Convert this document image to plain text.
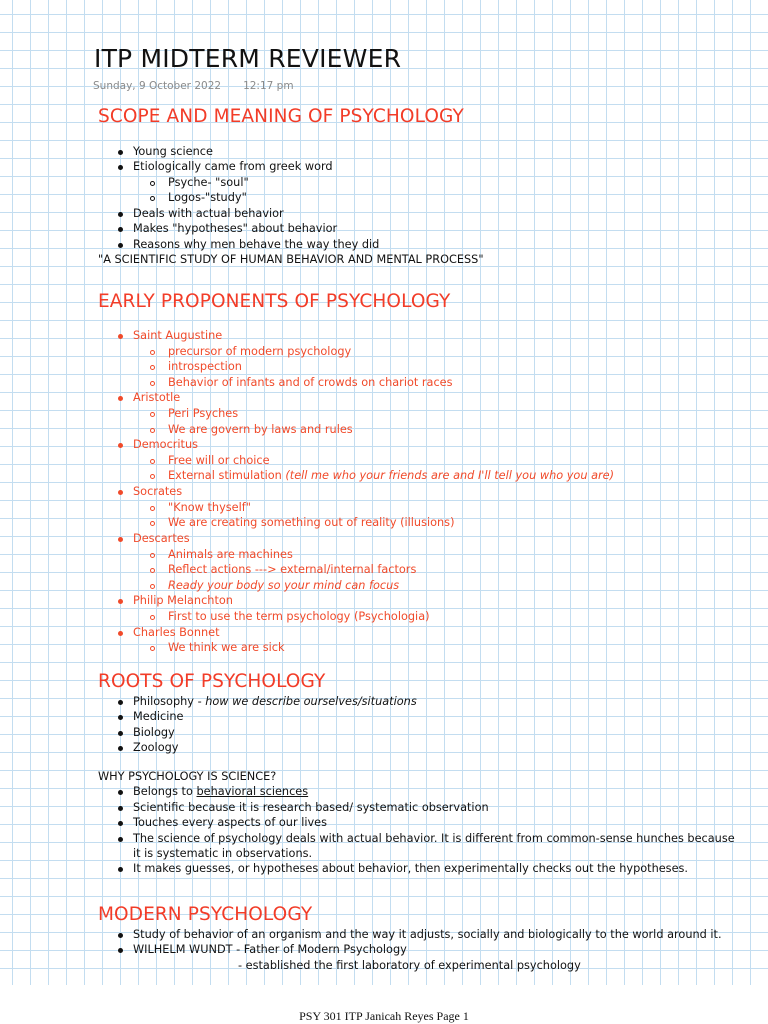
ITP MIDTERM REVIEWER
Sunday, 9 October 2022 12:17 pm
SCOPE AND MEANING OF PSYCHOLOGY
Young science
Etiologically came from greek word
Psyche- "soul"
Logos-"study"
Deals with actual behavior
Makes "hypotheses" about behavior
Reasons why men behave the way they did
"A SCIENTIFIC STUDY OF HUMAN BEHAVIOR AND MENTAL PROCESS"
EARLY PROPONENTS OF PSYCHOLOGY
Saint Augustine
precursor of modern psychology
introspection
Behavior of infants and of crowds on chariot races
Aristotle
Peri Psyches
We are govern by laws and rules
Democritus
Free will or choice
External stimulation (tell me who your friends are and I'll tell you who you are)
Socrates
"Know thyself"
We are creating something out of reality (illusions)
Descartes
Animals are machines
Reflect actions ---> external/internal factors
Ready your body so your mind can focus
Philip Melanchton
First to use the term psychology (Psychologia)
Charles Bonnet
We think we are sick
ROOTS OF PSYCHOLOGY
Philosophy - how we describe ourselves/situations
Medicine
Biology
Zoology
WHY PSYCHOLOGY IS SCIENCE?
Belongs to behavioral sciences
Scientific because it is research based/ systematic observation
Touches every aspects of our lives
The science of psychology deals with actual behavior. It is different from common-sense hunches because
it is systematic in observations.
It makes guesses, or hypotheses about behavior, then experimentally checks out the hypotheses.
MODERN PSYCHOLOGY
Study of behavior of an organism and the way it adjusts, socially and biologically to the world around it.
WILHELM WUNDT - Father of Modern Psychology
- established the first laboratory of experimental psychology
PSY 301 ITP Janicah Reyes Page 1
